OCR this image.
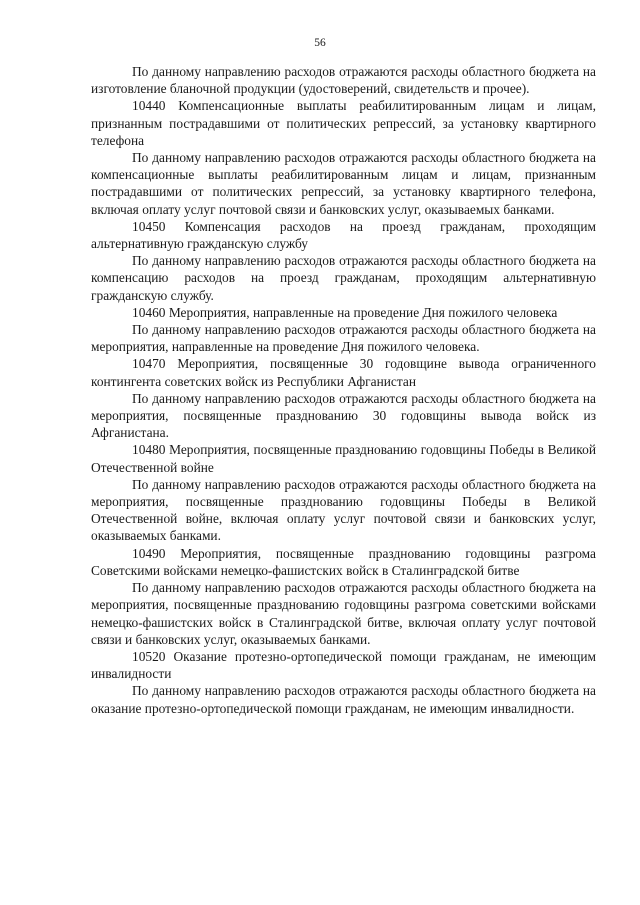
56

По данному направлению расходов отражаются расходы областного бюджета на изготовление бланочной продукции (удостоверений, свидетельств и прочее).

10440 Компенсационные выплаты реабилитированным лицам и лицам, признанным пострадавшими от политических репрессий, за установку квартирного телефона

По данному направлению расходов отражаются расходы областного бюджета на компенсационные выплаты реабилитированным лицам и лицам, признанным пострадавшими от политических репрессий, за установку квартирного телефона, включая оплату услуг почтовой связи и банковских услуг, оказываемых банками.

10450 Компенсация расходов на проезд гражданам, проходящим альтернативную гражданскую службу

По данному направлению расходов отражаются расходы областного бюджета на компенсацию расходов на проезд гражданам, проходящим альтернативную гражданскую службу.

10460 Мероприятия, направленные на проведение Дня пожилого человека

По данному направлению расходов отражаются расходы областного бюджета на мероприятия, направленные на проведение Дня пожилого человека.

10470 Мероприятия, посвященные 30 годовщине вывода ограниченного контингента советских войск из Республики Афганистан

По данному направлению расходов отражаются расходы областного бюджета на мероприятия, посвященные празднованию 30 годовщины вывода войск из Афганистана.

10480 Мероприятия, посвященные празднованию годовщины Победы в Великой Отечественной войне

По данному направлению расходов отражаются расходы областного бюджета на мероприятия, посвященные празднованию годовщины Победы в Великой Отечественной войне, включая оплату услуг почтовой связи и банковских услуг, оказываемых банками.

10490 Мероприятия, посвященные празднованию годовщины разгрома Советскими войсками немецко-фашистских войск в Сталинградской битве

По данному направлению расходов отражаются расходы областного бюджета на мероприятия, посвященные празднованию годовщины разгрома советскими войсками немецко-фашистских войск в Сталинградской битве, включая оплату услуг почтовой связи и банковских услуг, оказываемых банками.

10520 Оказание протезно-ортопедической помощи гражданам, не имеющим инвалидности

По данному направлению расходов отражаются расходы областного бюджета на оказание протезно-ортопедической помощи гражданам, не имеющим инвалидности.
